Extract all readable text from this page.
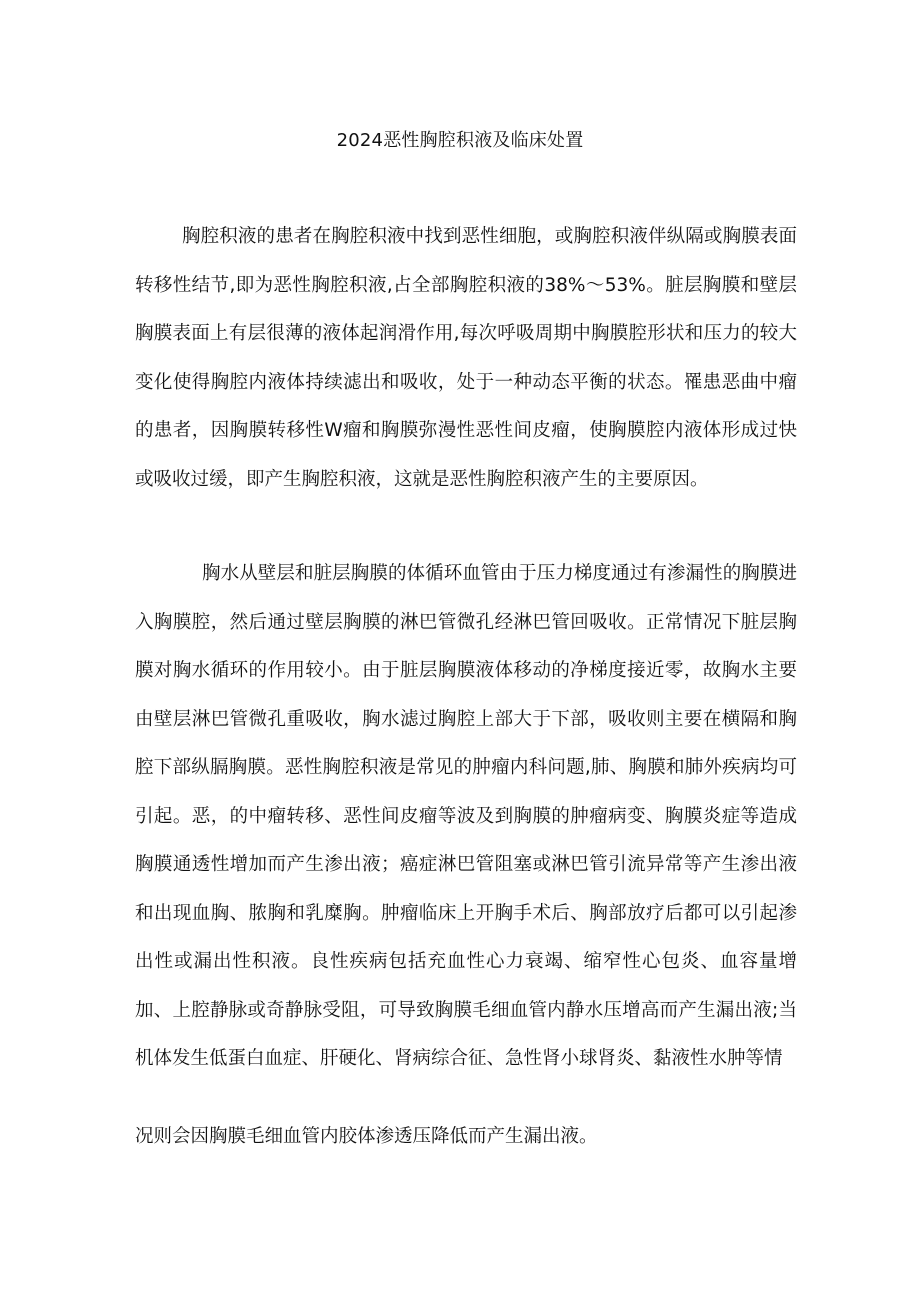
2024恶性胸腔积液及临床处置

胸腔积液的患者在胸腔积液中找到恶性细胞，或胸腔积液伴纵隔或胸膜表面转移性结节,即为恶性胸腔积液,占全部胸腔积液的38%〜53%。脏层胸膜和壁层胸膜表面上有层很薄的液体起润滑作用,每次呼吸周期中胸膜腔形状和压力的较大变化使得胸腔内液体持续滤出和吸收，处于一种动态平衡的状态。罹患恶曲中瘤的患者，因胸膜转移性W瘤和胸膜弥漫性恶性间皮瘤，使胸膜腔内液体形成过快或吸收过缓，即产生胸腔积液，这就是恶性胸腔积液产生的主要原因。

胸水从壁层和脏层胸膜的体循环血管由于压力梯度通过有渗漏性的胸膜进入胸膜腔，然后通过壁层胸膜的淋巴管微孔经淋巴管回吸收。正常情况下脏层胸膜对胸水循环的作用较小。由于脏层胸膜液体移动的净梯度接近零，故胸水主要由壁层淋巴管微孔重吸收，胸水滤过胸腔上部大于下部，吸收则主要在横隔和胸腔下部纵膈胸膜。恶性胸腔积液是常见的肿瘤内科问题,肺、胸膜和肺外疾病均可引起。恶，的中瘤转移、恶性间皮瘤等波及到胸膜的肿瘤病变、胸膜炎症等造成胸膜通透性增加而产生渗出液；癌症淋巴管阻塞或淋巴管引流异常等产生渗出液和出现血胸、脓胸和乳糜胸。肿瘤临床上开胸手术后、胸部放疗后都可以引起渗出性或漏出性积液。良性疾病包括充血性心力衰竭、缩窄性心包炎、血容量增加、上腔静脉或奇静脉受阻，可导致胸膜毛细血管内静水压增高而产生漏出液;当机体发生低蛋白血症、肝硬化、肾病综合征、急性肾小球肾炎、黏液性水肿等情

况则会因胸膜毛细血管内胶体渗透压降低而产生漏出液。
